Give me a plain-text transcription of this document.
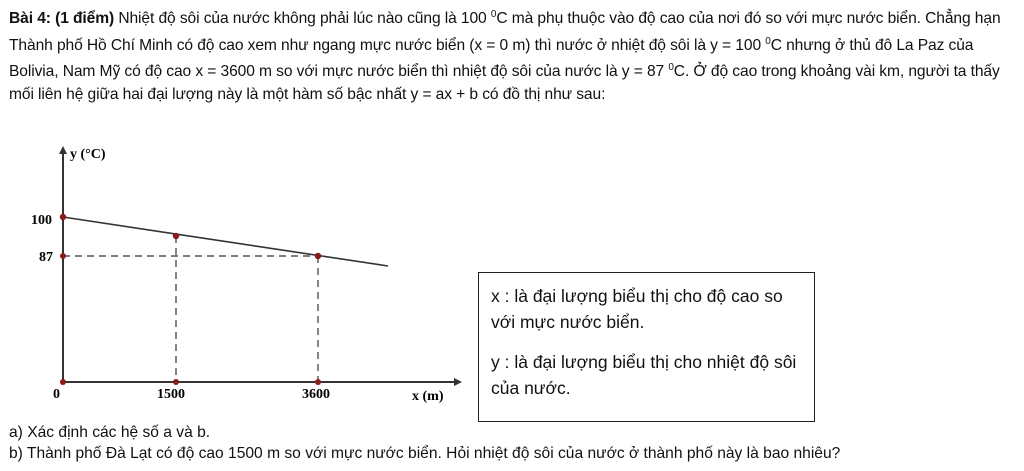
Bài 4: (1 điểm) Nhiệt độ sôi của nước không phải lúc nào cũng là 100 $^0$C mà phụ thuộc vào độ cao của nơi đó so với mực nước biển. Chẳng hạn Thành phố Hồ Chí Minh có độ cao xem như ngang mực nước biển (x = 0 m) thì nước ở nhiệt độ sôi là y = 100 $^0$C nhưng ở thủ đô La Paz của Bolivia, Nam Mỹ có độ cao x = 3600 m so với mực nước biển thì nhiệt độ sôi của nước là y = 87 $^0$C. Ở độ cao trong khoảng vài km, người ta thấy mối liên hệ giữa hai đại lượng này là một hàm số bậc nhất y = ax + b có đồ thị như sau:
y (°C)
x (m)
0	1500	3600
100
87

x : là đại lượng biểu thị cho độ cao so với mực nước biển.

y : là đại lượng biểu thị cho nhiệt độ sôi của nước.

a) Xác định các hệ số a và b.
b) Thành phố Đà Lạt có độ cao 1500 m so với mực nước biển. Hỏi nhiệt độ sôi của nước ở thành phố này là bao nhiêu?
